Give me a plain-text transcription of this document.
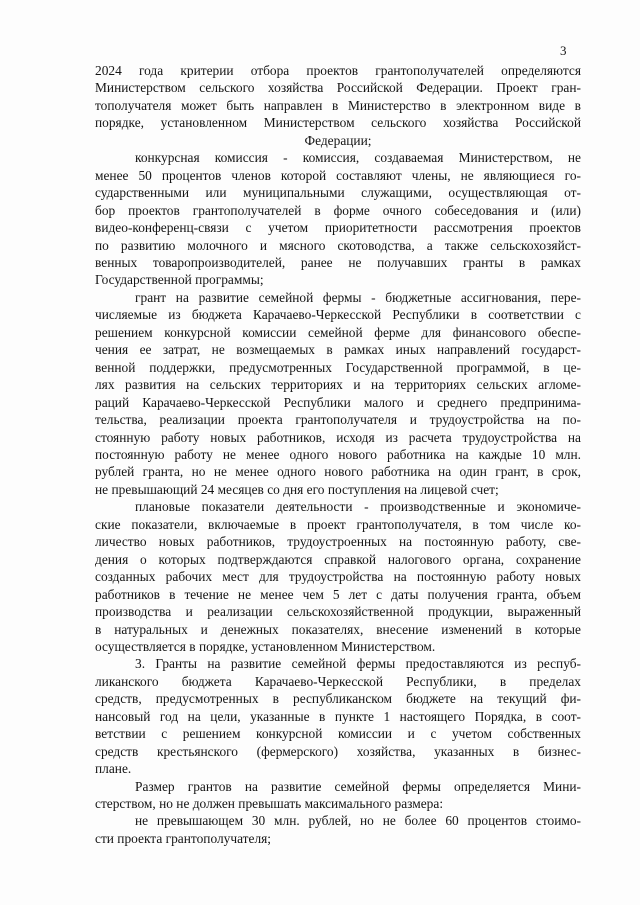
3

2024 года критерии отбора проектов грантополучателей определяются

Министерством сельского хозяйства Российской Федерации. Проект гран-

тополучателя может быть направлен в Министерство в электронном виде в

порядке, установленном Министерством сельского хозяйства Российской

Федерации;

конкурсная комиссия - комиссия, создаваемая Министерством, не

менее 50 процентов членов которой составляют члены, не являющиеся го-

сударственными или муниципальными служащими, осуществляющая от-

бор проектов грантополучателей в форме очного собеседования и (или)

видео-конференц-связи с учетом приоритетности рассмотрения проектов

по развитию молочного и мясного скотоводства, а также сельскохозяйст-

венных товаропроизводителей, ранее не получавших гранты в рамках

Государственной программы;

грант на развитие семейной фермы - бюджетные ассигнования, пере-

числяемые из бюджета Карачаево-Черкесской Республики в соответствии с

решением конкурсной комиссии семейной ферме для финансового обеспе-

чения ее затрат, не возмещаемых в рамках иных направлений государст-

венной поддержки, предусмотренных Государственной программой, в це-

лях развития на сельских территориях и на территориях сельских агломе-

раций Карачаево-Черкесской Республики малого и среднего предпринима-

тельства, реализации проекта грантополучателя и трудоустройства на по-

стоянную работу новых работников, исходя из расчета трудоустройства на

постоянную работу не менее одного нового работника на каждые 10 млн.

рублей гранта, но не менее одного нового работника на один грант, в срок,

не превышающий 24 месяцев со дня его поступления на лицевой счет;

плановые показатели деятельности - производственные и экономиче-

ские показатели, включаемые в проект грантополучателя, в том числе ко-

личество новых работников, трудоустроенных на постоянную работу, све-

дения о которых подтверждаются справкой налогового органа, сохранение

созданных рабочих мест для трудоустройства на постоянную работу новых

работников в течение не менее чем 5 лет с даты получения гранта, объем

производства и реализации сельскохозяйственной продукции, выраженный

в натуральных и денежных показателях, внесение изменений в которые

осуществляется в порядке, установленном Министерством.

3. Гранты на развитие семейной фермы предоставляются из респуб-

ликанского бюджета Карачаево-Черкесской Республики, в пределах

средств, предусмотренных в республиканском бюджете на текущий фи-

нансовый год на цели, указанные в пункте 1 настоящего Порядка, в соот-

ветствии с решением конкурсной комиссии и с учетом собственных

средств крестьянского (фермерского) хозяйства, указанных в бизнес-

плане.

Размер грантов на развитие семейной фермы определяется Мини-

стерством, но не должен превышать максимального размера:

не превышающем 30 млн. рублей, но не более 60 процентов стоимо-

сти проекта грантополучателя;
